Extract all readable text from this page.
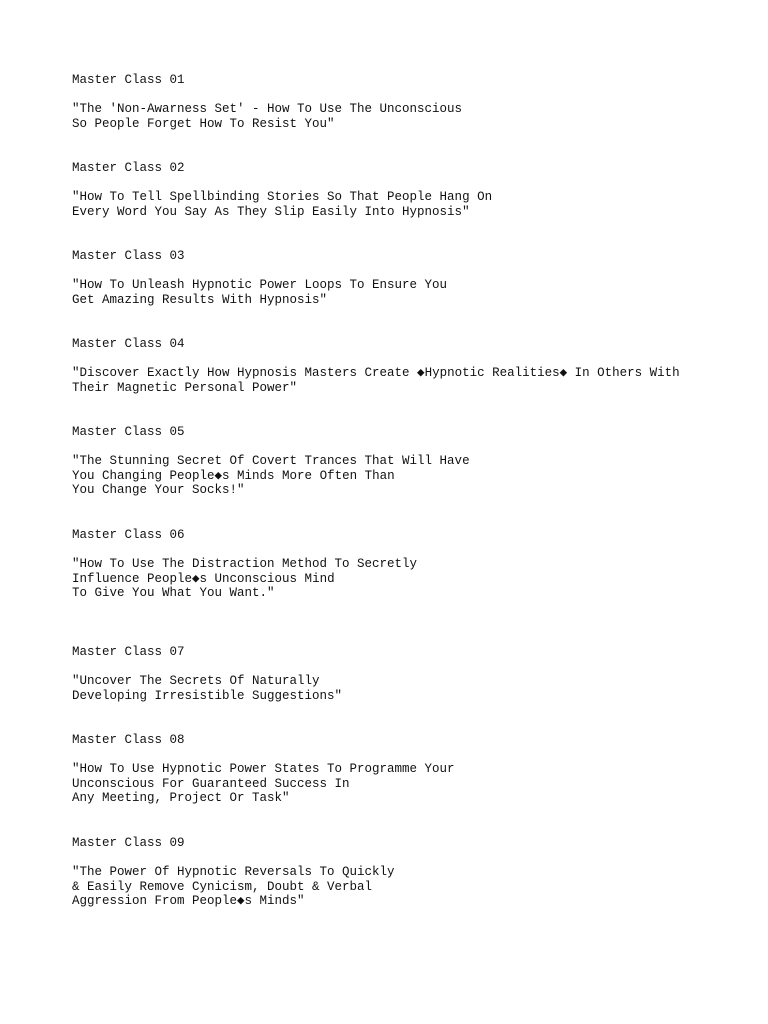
Master Class 01
"The 'Non-Awarness Set' - How To Use The Unconscious
So People Forget How To Resist You"
Master Class 02
"How To Tell Spellbinding Stories So That People Hang On
Every Word You Say As They Slip Easily Into Hypnosis"
Master Class 03
"How To Unleash Hypnotic Power Loops To Ensure You
Get Amazing Results With Hypnosis"
Master Class 04
"Discover Exactly How Hypnosis Masters Create ◆Hypnotic Realities◆ In Others With
Their Magnetic Personal Power"
Master Class 05
"The Stunning Secret Of Covert Trances That Will Have
You Changing People◆s Minds More Often Than
You Change Your Socks!"
Master Class 06
"How To Use The Distraction Method To Secretly
Influence People◆s Unconscious Mind
To Give You What You Want."
Master Class 07
"Uncover The Secrets Of Naturally
Developing Irresistible Suggestions"
Master Class 08
"How To Use Hypnotic Power States To Programme Your
Unconscious For Guaranteed Success In
Any Meeting, Project Or Task"
Master Class 09
"The Power Of Hypnotic Reversals To Quickly
& Easily Remove Cynicism, Doubt & Verbal
Aggression From People◆s Minds"
